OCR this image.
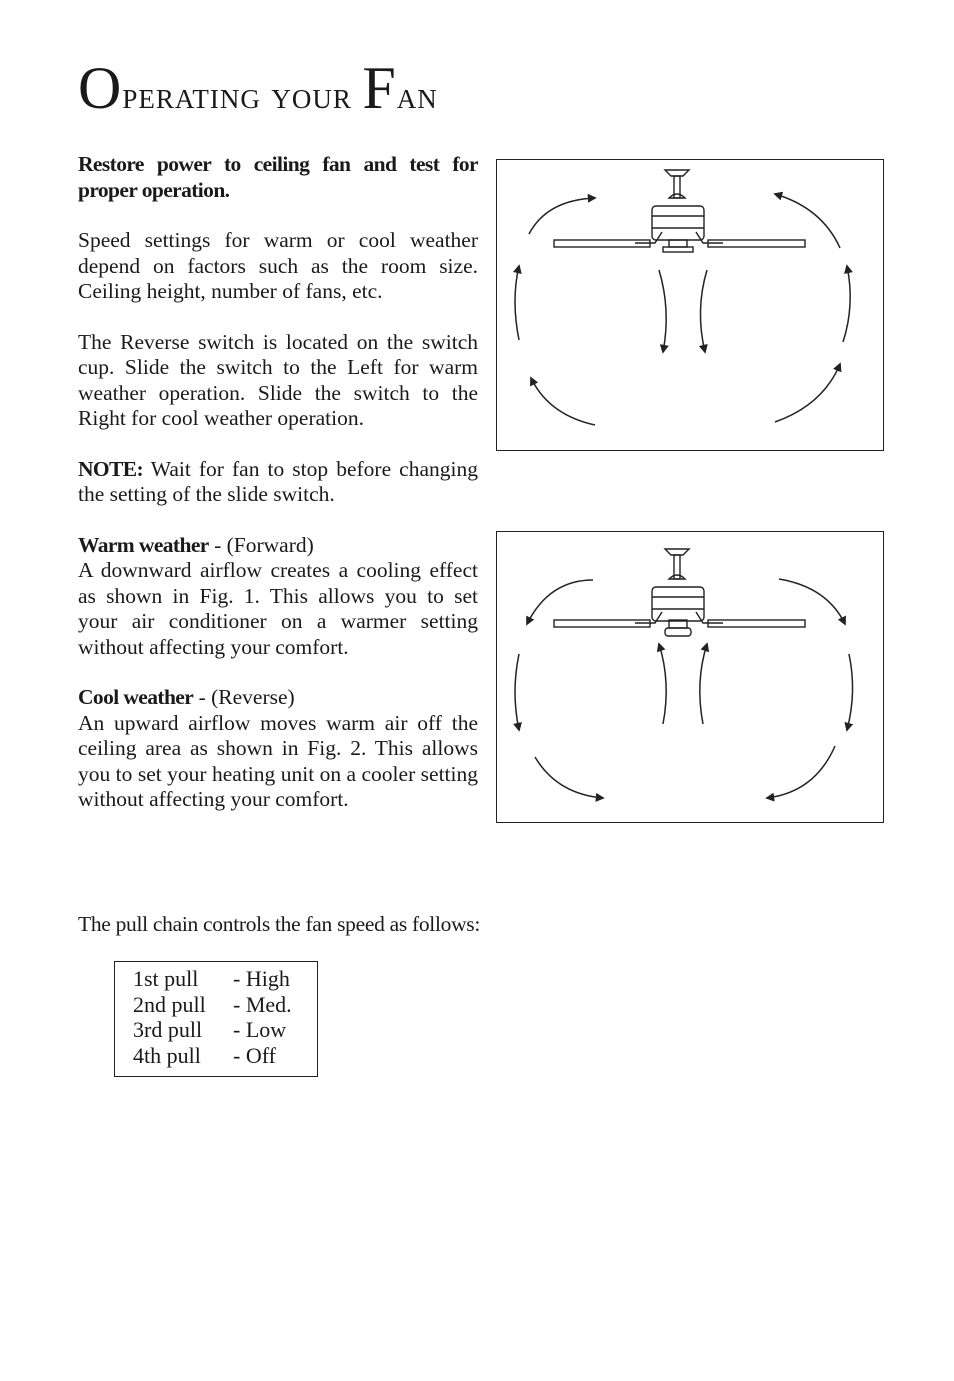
Operating your Fan

Restore power to ceiling fan and test for proper operation.

Speed settings for warm or cool weather depend on factors such as the room size. Ceiling height, number of fans, etc.

The Reverse switch is located on the switch cup. Slide the switch to the Left for warm weather operation. Slide the switch to the Right for cool weather operation.

NOTE: Wait for fan to stop before changing the setting of the slide switch.

Warm weather - (Forward)
A downward airflow creates a cooling effect as shown in Fig. 1. This allows you to set your air conditioner on a warmer setting without affecting your comfort.

Cool weather - (Reverse)
An upward airflow moves warm air off the ceiling area as shown in Fig. 2. This allows you to set your heating unit on a cooler setting without affecting your comfort.

The pull chain controls the fan speed as follows:
1st pull	- High
2nd pull	- Med.
3rd pull	- Low
4th pull	- Off
